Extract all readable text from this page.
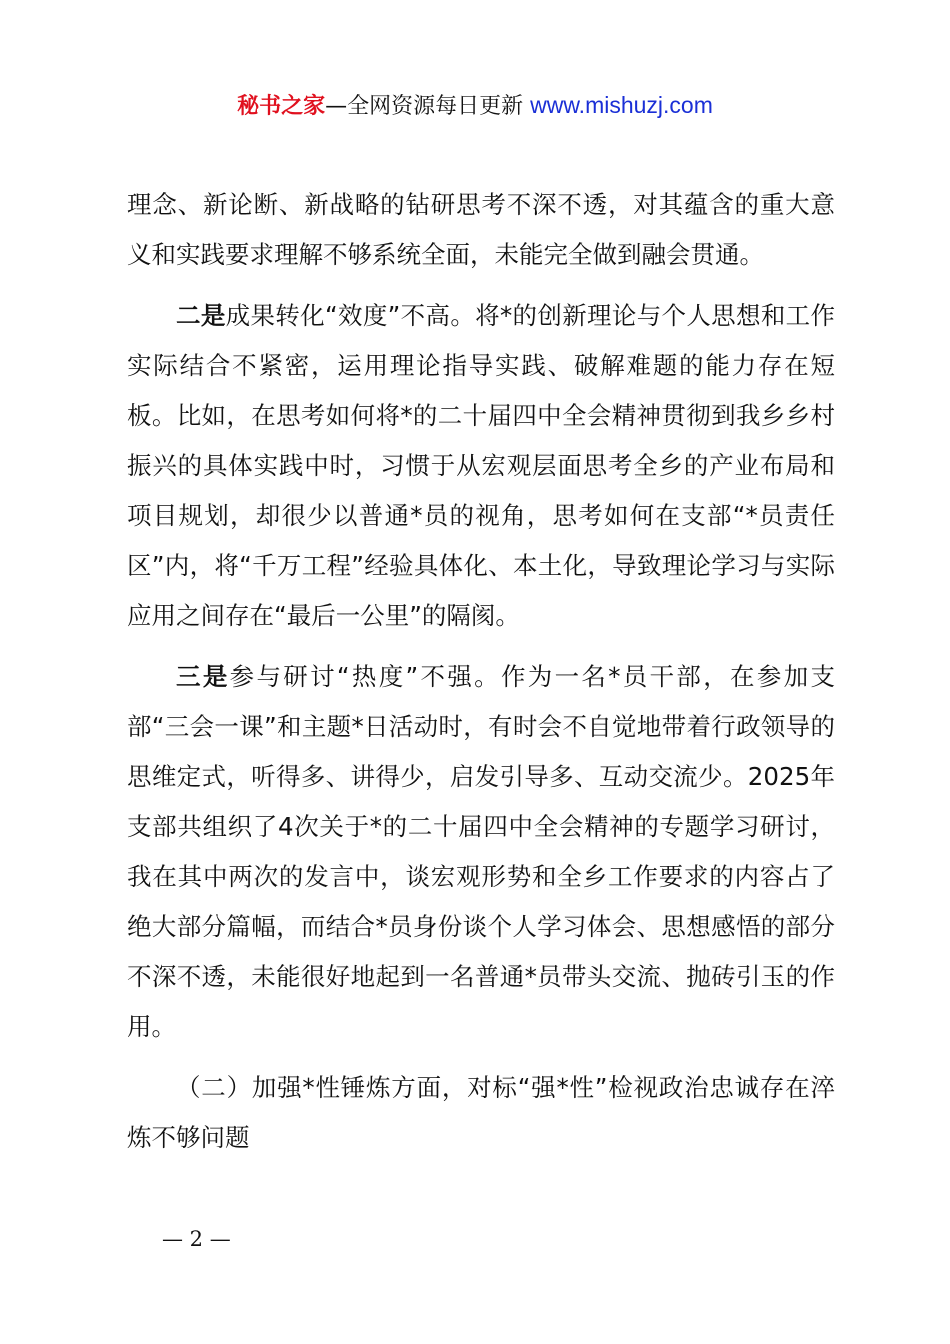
秘书之家—全网资源每日更新 www.mishuzj.com

理念、新论断、新战略的钻研思考不深不透，对其蕴含的重大意义和实践要求理解不够系统全面，未能完全做到融会贯通。

二是成果转化“效度”不高。将*的创新理论与个人思想和工作实际结合不紧密，运用理论指导实践、破解难题的能力存在短板。比如，在思考如何将*的二十届四中全会精神贯彻到我乡乡村振兴的具体实践中时，习惯于从宏观层面思考全乡的产业布局和项目规划，却很少以普通*员的视角，思考如何在支部“*员责任区”内，将“千万工程”经验具体化、本土化，导致理论学习与实际应用之间存在“最后一公里”的隔阂。

三是参与研讨“热度”不强。作为一名*员干部，在参加支部“三会一课”和主题*日活动时，有时会不自觉地带着行政领导的思维定式，听得多、讲得少，启发引导多、互动交流少。2025年支部共组织了4次关于*的二十届四中全会精神的专题学习研讨，我在其中两次的发言中，谈宏观形势和全乡工作要求的内容占了绝大部分篇幅，而结合*员身份谈个人学习体会、思想感悟的部分不深不透，未能很好地起到一名普通*员带头交流、抛砖引玉的作用。

（二）加强*性锤炼方面，对标“强*性”检视政治忠诚存在淬炼不够问题

— 2 —
